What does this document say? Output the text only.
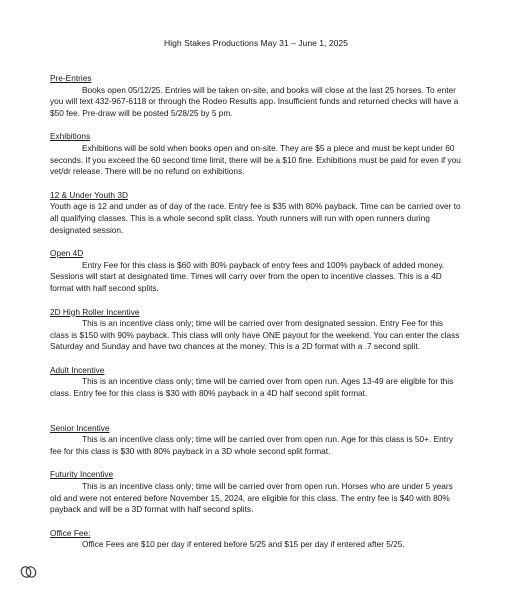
High Stakes Productions May 31 – June 1, 2025

Pre-Entries

Books open 05/12/25. Entries will be taken on-site, and books will close at the last 25 horses. To enter you will text 432-967-6118 or through the Rodeo Results app. Insufficient funds and returned checks will have a $50 fee. Pre-draw will be posted 5/28/25 by 5 pm.

Exhibitions

Exhibitions will be sold when books open and on-site. They are $5 a piece and must be kept under 60 seconds. If you exceed the 60 second time limit, there will be a $10 fine. Exhibitions must be paid for even if you vet/dr release. There will be no refund on exhibitions.

12 & Under Youth 3D

Youth age is 12 and under as of day of the race. Entry fee is $35 with 80% payback. Time can be carried over to all qualifying classes. This is a whole second split class. Youth runners will run with open runners during designated session.

Open 4D

Entry Fee for this class is $60 with 80% payback of entry fees and 100% payback of added money. Sessions will start at designated time. Times will carry over from the open to incentive classes. This is a 4D format with half second splits.

2D High Roller Incentive

This is an incentive class only; time will be carried over from designated session. Entry Fee for this class is $150 with 90% payback. This class will only have ONE payout for the weekend. You can enter the class Saturday and Sunday and have two chances at the money. This is a 2D format with a .7 second split.

Adult Incentive

This is an incentive class only; time will be carried over from open run. Ages 13-49 are eligible for this class. Entry fee for this class is $30 with 80% payback in a 4D half second split format.

Senior Incentive

This is an incentive class only; time will be carried over from open run. Age for this class is 50+. Entry fee for this class is $30 with 80% payback in a 3D whole second split format.

Futurity Incentive

This is an incentive class only; time will be carried over from open run. Horses who are under 5 years old and were not entered before November 15, 2024, are eligible for this class. The entry fee is $40 with 80% payback and will be a 3D format with half second splits.

Office Fee:

Office Fees are $10 per day if entered before 5/25 and $15 per day if entered after 5/25.
